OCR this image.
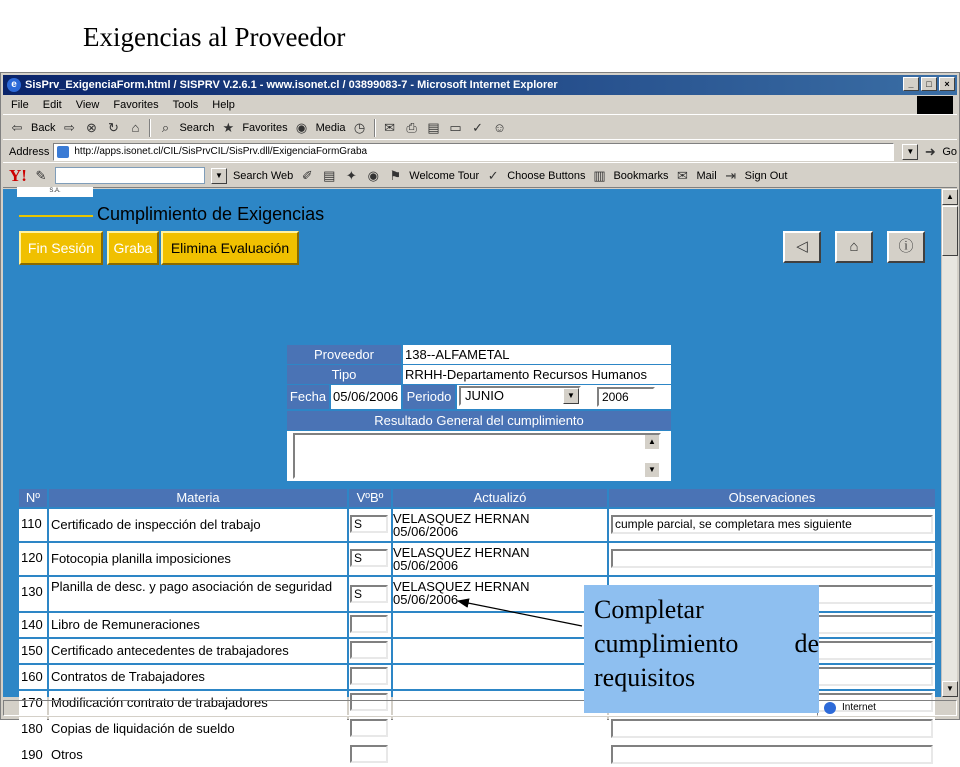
Exigencias al Proveedor
e SisPrv_ExigenciaForm.html / SISPRV V.2.6.1 - www.isonet.cl / 03899083-7 - Microsoft Internet Explorer	_	□	×
File Edit View Favorites Tools Help
⇦ Back ⇨ ⊗ ↻ ⌂	⌕ Search ★ Favorites ◉ Media ◷ ✉ ⎙ ▤ ▭ ✓ ☺
Address	http://apps.isonet.cl/CIL/SisPrvCIL/SisPrv.dll/ExigenciaFormGraba	▼ ➜ Go
Y! ✎	▼ Search Web ✐ ▤ ✦ ◉ ⚑ Welcome Tour ✓ Choose Buttons ▥ Bookmarks ✉ Mail ⇥ Sign Out
S.A.
Cumplimiento de Exigencias
Fin Sesión	Graba	Elimina Evaluación	◁	⌂	ⓘ
Proveedor	138--ALFAMETAL
Tipo	RRHH-Departamento Recursos Humanos
Fecha 05/06/2006 Periodo	JUNIO	▼	2006
Resultado General del cumplimiento
▲
▼
Nº	Materia	VºBº	Actualizó	Observaciones
110 Certificado de inspección del trabajo	S	VELASQUEZ HERNAN
05/06/2006	cumple parcial, se completara mes siguiente
120 Fotocopia planilla imposiciones	S	VELASQUEZ HERNAN
05/06/2006
130 Planilla de desc. y pago asociación de seguridad	S	VELASQUEZ HERNAN
05/06/2006
140 Libro de Remuneraciones
150 Certificado antecedentes de trabajadores
160 Contratos de Trabajadores
170 Modificación contrato de trabajadores
180 Copias de liquidación de sueldo
190 Otros
▲
▼
Internet
Completar cumplimiento de requisitos
